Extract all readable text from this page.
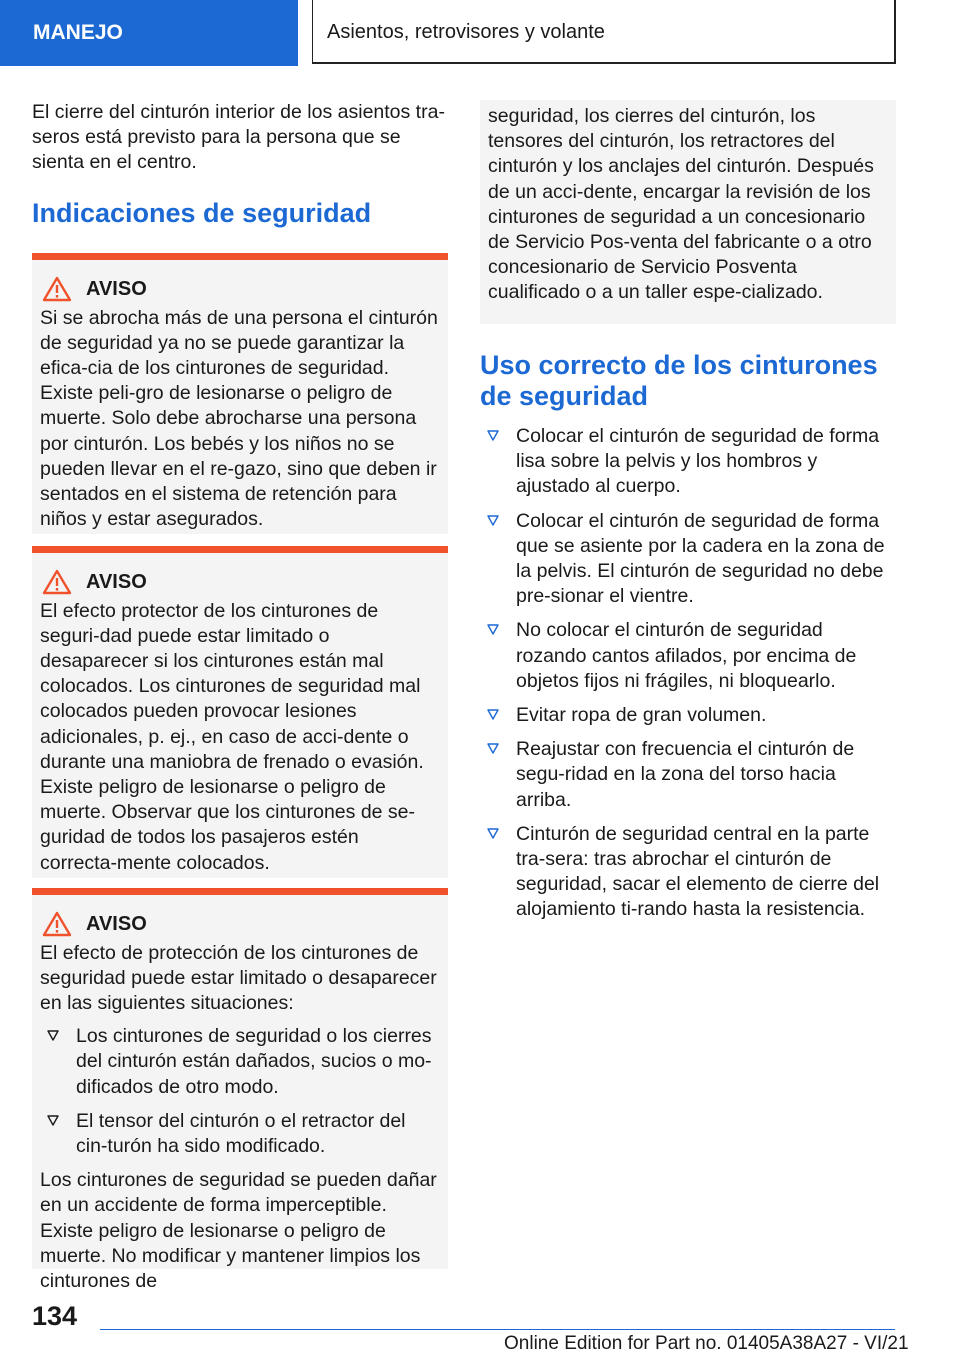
MANEJO	Asientos, retrovisores y volante

El cierre del cinturón interior de los asientos tra-seros está previsto para la persona que se sienta en el centro.

Indicaciones de seguridad
AVISO

Si se abrocha más de una persona el cinturón de seguridad ya no se puede garantizar la efica-cia de los cinturones de seguridad. Existe peli-gro de lesionarse o peligro de muerte. Solo debe abrocharse una persona por cinturón. Los bebés y los niños no se pueden llevar en el re-gazo, sino que deben ir sentados en el sistema de retención para niños y estar asegurados.

AVISO

El efecto protector de los cinturones de seguri-dad puede estar limitado o desaparecer si los cinturones están mal colocados. Los cinturones de seguridad mal colocados pueden provocar lesiones adicionales, p. ej., en caso de acci-dente o durante una maniobra de frenado o evasión. Existe peligro de lesionarse o peligro de muerte. Observar que los cinturones de se-guridad de todos los pasajeros estén correcta-mente colocados.

AVISO

El efecto de protección de los cinturones de seguridad puede estar limitado o desaparecer en las siguientes situaciones:

Los cinturones de seguridad o los cierres del cinturón están dañados, sucios o mo-dificados de otro modo.

El tensor del cinturón o el retractor del cin-turón ha sido modificado.

Los cinturones de seguridad se pueden dañar en un accidente de forma imperceptible. Existe peligro de lesionarse o peligro de muerte. No modificar y mantener limpios los cinturones de

seguridad, los cierres del cinturón, los tensores del cinturón, los retractores del cinturón y los anclajes del cinturón. Después de un acci-dente, encargar la revisión de los cinturones de seguridad a un concesionario de Servicio Pos-venta del fabricante o a otro concesionario de Servicio Posventa cualificado o a un taller espe-cializado.

Uso correcto de los cinturones de seguridad

Colocar el cinturón de seguridad de forma lisa sobre la pelvis y los hombros y ajustado al cuerpo.

Colocar el cinturón de seguridad de forma que se asiente por la cadera en la zona de la pelvis. El cinturón de seguridad no debe pre-sionar el vientre.

No colocar el cinturón de seguridad rozando cantos afilados, por encima de objetos fijos ni frágiles, ni bloquearlo.

Evitar ropa de gran volumen.

Reajustar con frecuencia el cinturón de segu-ridad en la zona del torso hacia arriba.

Cinturón de seguridad central en la parte tra-sera: tras abrochar el cinturón de seguridad, sacar el elemento de cierre del alojamiento ti-rando hasta la resistencia.

134
Online Edition for Part no. 01405A38A27 - VI/21
